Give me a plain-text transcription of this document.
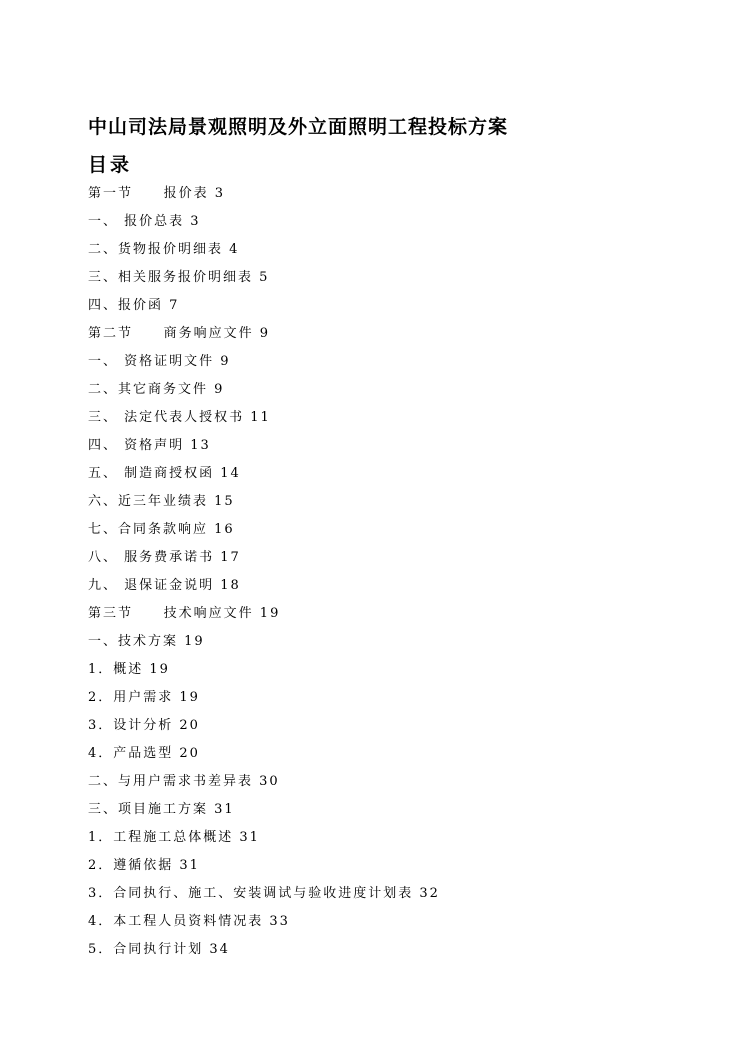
中山司法局景观照明及外立面照明工程投标方案
目录
第一节     报价表 3
一、 报价总表 3
二、货物报价明细表 4
三、相关服务报价明细表 5
四、报价函 7
第二节     商务响应文件 9
一、 资格证明文件 9
二、其它商务文件 9
三、 法定代表人授权书 11
四、 资格声明 13
五、 制造商授权函 14
六、近三年业绩表 15
七、合同条款响应 16
八、 服务费承诺书 17
九、 退保证金说明 18
第三节     技术响应文件 19
一、技术方案 19
1．概述 19
2．用户需求 19
3．设计分析 20
4．产品选型 20
二、与用户需求书差异表 30
三、项目施工方案 31
1．工程施工总体概述 31
2．遵循依据 31
3．合同执行、施工、安装调试与验收进度计划表 32
4．本工程人员资料情况表 33
5．合同执行计划 34
